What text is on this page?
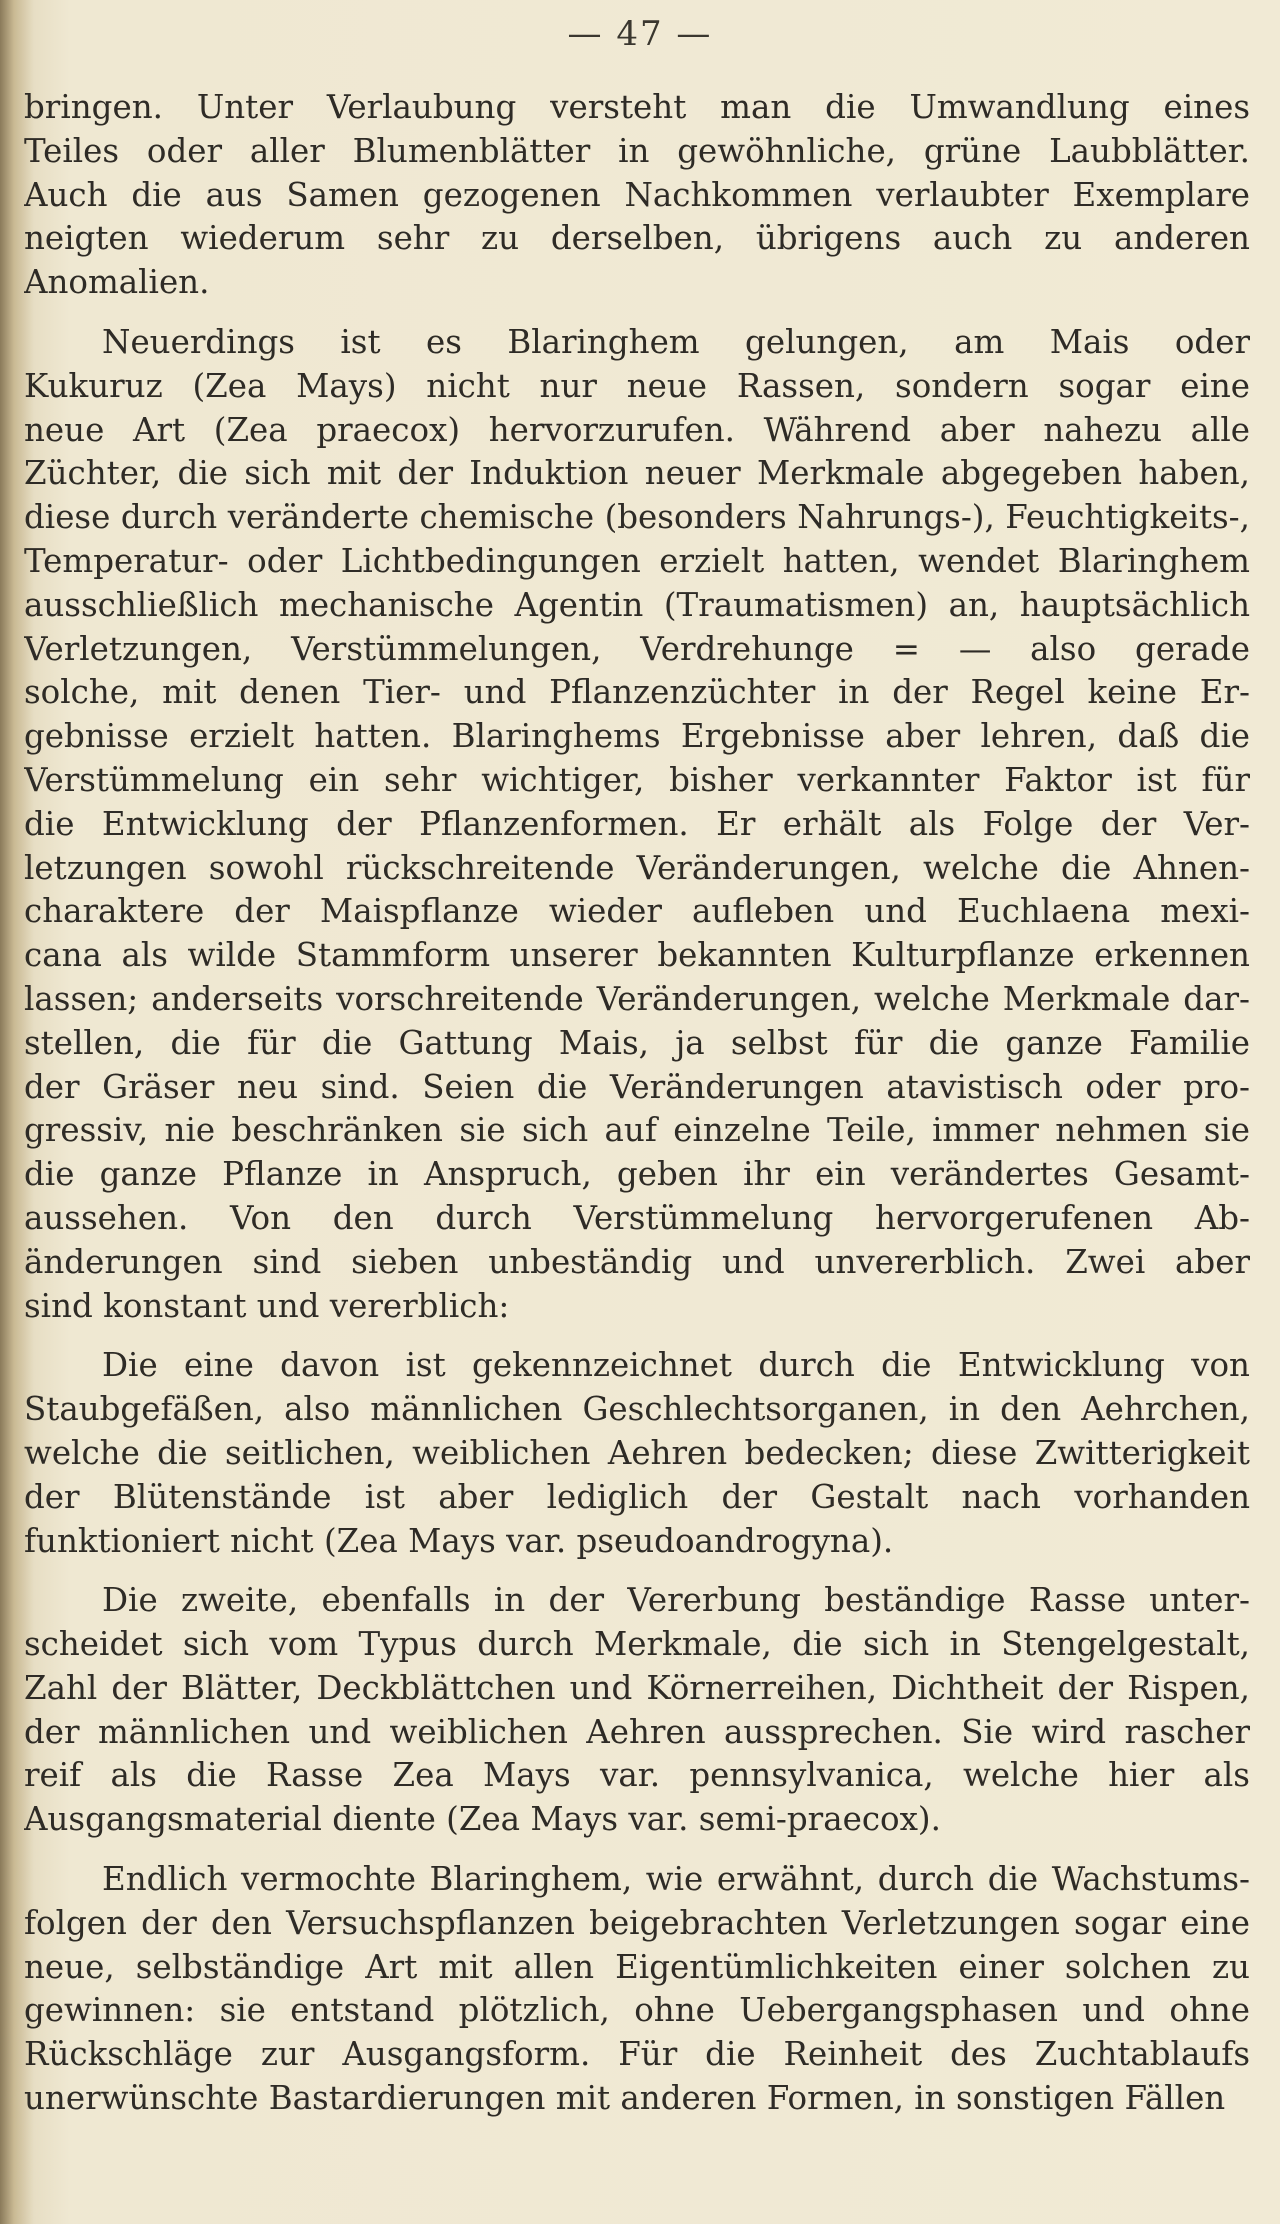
— 47 —
bringen. Unter Verlaubung versteht man die Umwandlung eines
Teiles oder aller Blumenblätter in gewöhnliche, grüne Laubblätter.
Auch die aus Samen gezogenen Nachkommen verlaubter Exemplare
neigten wiederum sehr zu derselben, übrigens auch zu anderen
Anomalien.
Neuerdings ist es Blaringhem gelungen, am Mais oder
Kukuruz (Zea Mays) nicht nur neue Rassen, sondern sogar eine
neue Art (Zea praecox) hervorzurufen. Während aber nahezu alle
Züchter, die sich mit der Induktion neuer Merkmale abgegeben haben,
diese durch veränderte chemische (besonders Nahrungs-), Feuchtigkeits-,
Temperatur- oder Lichtbedingungen erzielt hatten, wendet Blaringhem
ausschließlich mechanische Agentin (Traumatismen) an, hauptsächlich
Verletzungen, Verstümmelungen, Verdrehunge = — also gerade
solche, mit denen Tier- und Pflanzenzüchter in der Regel keine Er-
gebnisse erzielt hatten. Blaringhems Ergebnisse aber lehren, daß die
Verstümmelung ein sehr wichtiger, bisher verkannter Faktor ist für
die Entwicklung der Pflanzenformen. Er erhält als Folge der Ver-
letzungen sowohl rückschreitende Veränderungen, welche die Ahnen-
charaktere der Maispflanze wieder aufleben und Euchlaena mexi-
cana als wilde Stammform unserer bekannten Kulturpflanze erkennen
lassen; anderseits vorschreitende Veränderungen, welche Merkmale dar-
stellen, die für die Gattung Mais, ja selbst für die ganze Familie
der Gräser neu sind. Seien die Veränderungen atavistisch oder pro-
gressiv, nie beschränken sie sich auf einzelne Teile, immer nehmen sie
die ganze Pflanze in Anspruch, geben ihr ein verändertes Gesamt-
aussehen. Von den durch Verstümmelung hervorgerufenen Ab-
änderungen sind sieben unbeständig und unvererblich. Zwei aber
sind konstant und vererblich:
Die eine davon ist gekennzeichnet durch die Entwicklung von
Staubgefäßen, also männlichen Geschlechtsorganen, in den Aehrchen,
welche die seitlichen, weiblichen Aehren bedecken; diese Zwitterigkeit
der Blütenstände ist aber lediglich der Gestalt nach vorhanden
funktioniert nicht (Zea Mays var. pseudoandrogyna).
Die zweite, ebenfalls in der Vererbung beständige Rasse unter-
scheidet sich vom Typus durch Merkmale, die sich in Stengelgestalt,
Zahl der Blätter, Deckblättchen und Körnerreihen, Dichtheit der Rispen,
der männlichen und weiblichen Aehren aussprechen. Sie wird rascher
reif als die Rasse Zea Mays var. pennsylvanica, welche hier als
Ausgangsmaterial diente (Zea Mays var. semi-praecox).
Endlich vermochte Blaringhem, wie erwähnt, durch die Wachstums-
folgen der den Versuchspflanzen beigebrachten Verletzungen sogar eine
neue, selbständige Art mit allen Eigentümlichkeiten einer solchen zu
gewinnen: sie entstand plötzlich, ohne Uebergangsphasen und ohne
Rückschläge zur Ausgangsform. Für die Reinheit des Zuchtablaufs
unerwünschte Bastardierungen mit anderen Formen, in sonstigen Fällen
